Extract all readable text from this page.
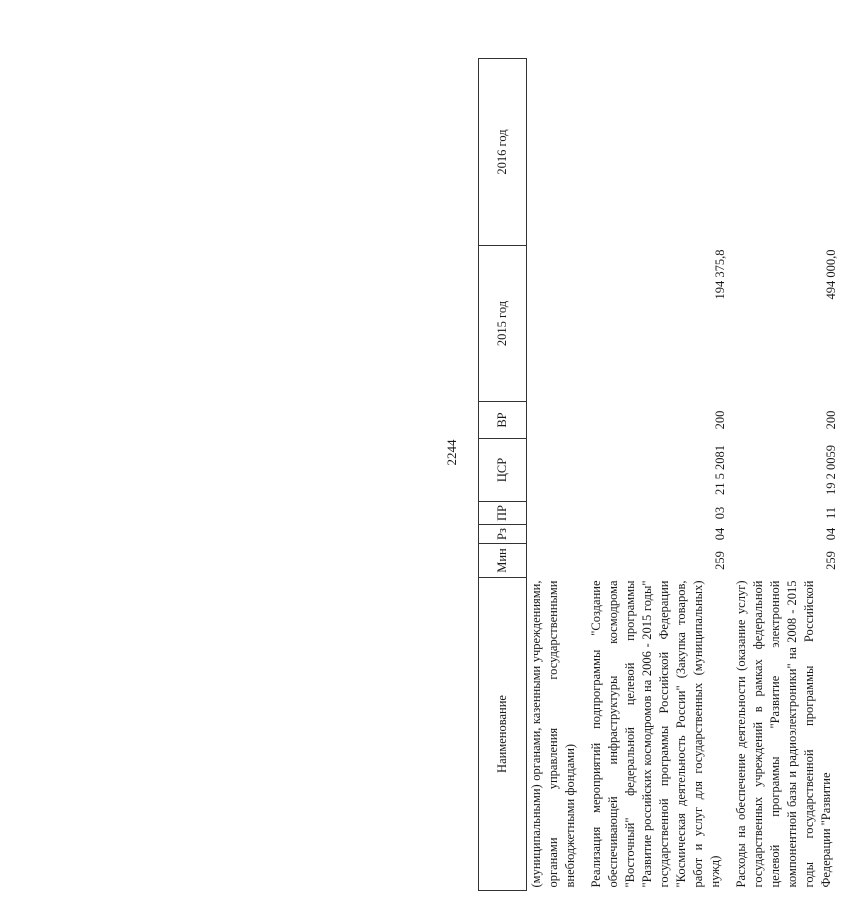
2244
Наименование	Мин	Рз	ПР	ЦСР	ВР	2015 год	2016 год
(муниципальными) органами, казенными учреждениями, органами управления государственными внебюджетными фондами)							
Реализация мероприятий подпрограммы "Создание обеспечивающей инфраструктуры космодрома "Восточный" федеральной целевой программы "Развитие российских космодромов на 2006 - 2015 годы" государственной программы Российской Федерации "Космическая деятельность России" (Закупка товаров, работ и услуг для государственных (муниципальных) нужд)	259	04	03	21 5 2081	200	194 375,8	
Расходы на обеспечение деятельности (оказание услуг) государственных учреждений в рамках федеральной целевой программы "Развитие электронной компонентной базы и радиоэлектроники" на 2008 - 2015 годы государственной программы Российской Федерации "Развитие	259	04	11	19 2 0059	200	494 000,0	
